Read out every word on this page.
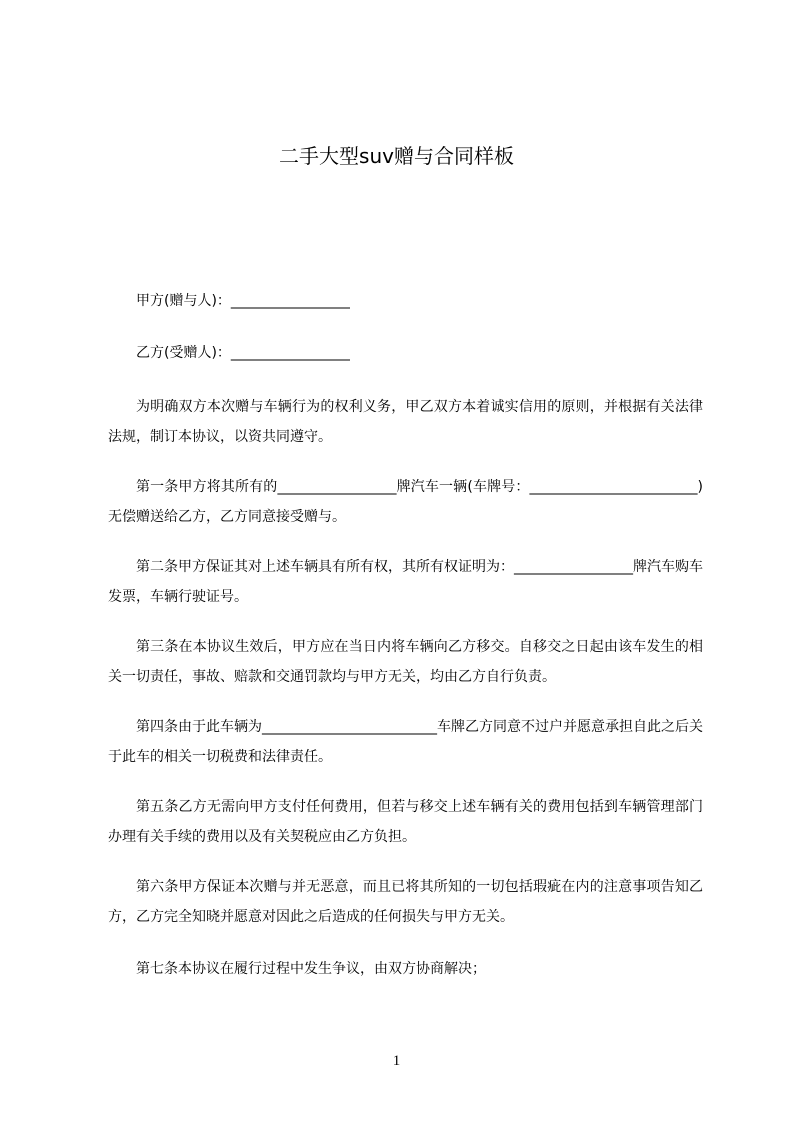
二手大型suv赠与合同样板

甲方(赠与人)：_________________

乙方(受赠人)：_________________

为明确双方本次赠与车辆行为的权利义务，甲乙双方本着诚实信用的原则，并根据有关法律法规，制订本协议，以资共同遵守。

第一条甲方将其所有的_________________牌汽车一辆(车牌号：________________________)无偿赠送给乙方，乙方同意接受赠与。

第二条甲方保证其对上述车辆具有所有权，其所有权证明为：_________________牌汽车购车发票，车辆行驶证号。

第三条在本协议生效后，甲方应在当日内将车辆向乙方移交。自移交之日起由该车发生的相关一切责任，事故、赔款和交通罚款均与甲方无关，均由乙方自行负责。

第四条由于此车辆为_________________________车牌乙方同意不过户并愿意承担自此之后关于此车的相关一切税费和法律责任。

第五条乙方无需向甲方支付任何费用，但若与移交上述车辆有关的费用包括到车辆管理部门办理有关手续的费用以及有关契税应由乙方负担。

第六条甲方保证本次赠与并无恶意，而且已将其所知的一切包括瑕疵在内的注意事项告知乙方，乙方完全知晓并愿意对因此之后造成的任何损失与甲方无关。

第七条本协议在履行过程中发生争议，由双方协商解决；

1
